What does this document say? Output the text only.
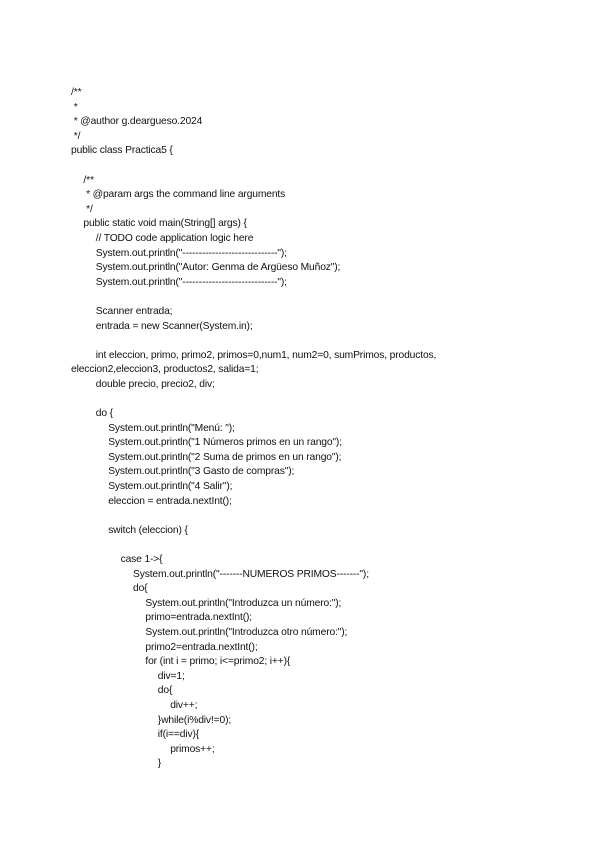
/**
*
* @author g.deargueso.2024
*/
public class Practica5 {
/**
* @param args the command line arguments
*/
public static void main(String[] args) {
// TODO code application logic here
System.out.println("-----------------------------");
System.out.println("Autor: Genma de Argüeso Muñoz");
System.out.println("-----------------------------");
Scanner entrada;
entrada = new Scanner(System.in);
int eleccion, primo, primo2, primos=0,num1, num2=0, sumPrimos, productos,
eleccion2,eleccion3, productos2, salida=1;
double precio, precio2, div;
do {
System.out.println("Menú: ");
System.out.println("1 Números primos en un rango");
System.out.println("2 Suma de primos en un rango");
System.out.println("3 Gasto de compras");
System.out.println("4 Salir");
eleccion = entrada.nextInt();
switch (eleccion) {
case 1->{
System.out.println("-------NUMEROS PRIMOS-------");
do{
System.out.println("Introduzca un número:");
primo=entrada.nextInt();
System.out.println("Introduzca otro número:");
primo2=entrada.nextInt();
for (int i = primo; i<=primo2; i++){
div=1;
do{
div++;
}while(i%div!=0);
if(i==div){
primos++;
}
